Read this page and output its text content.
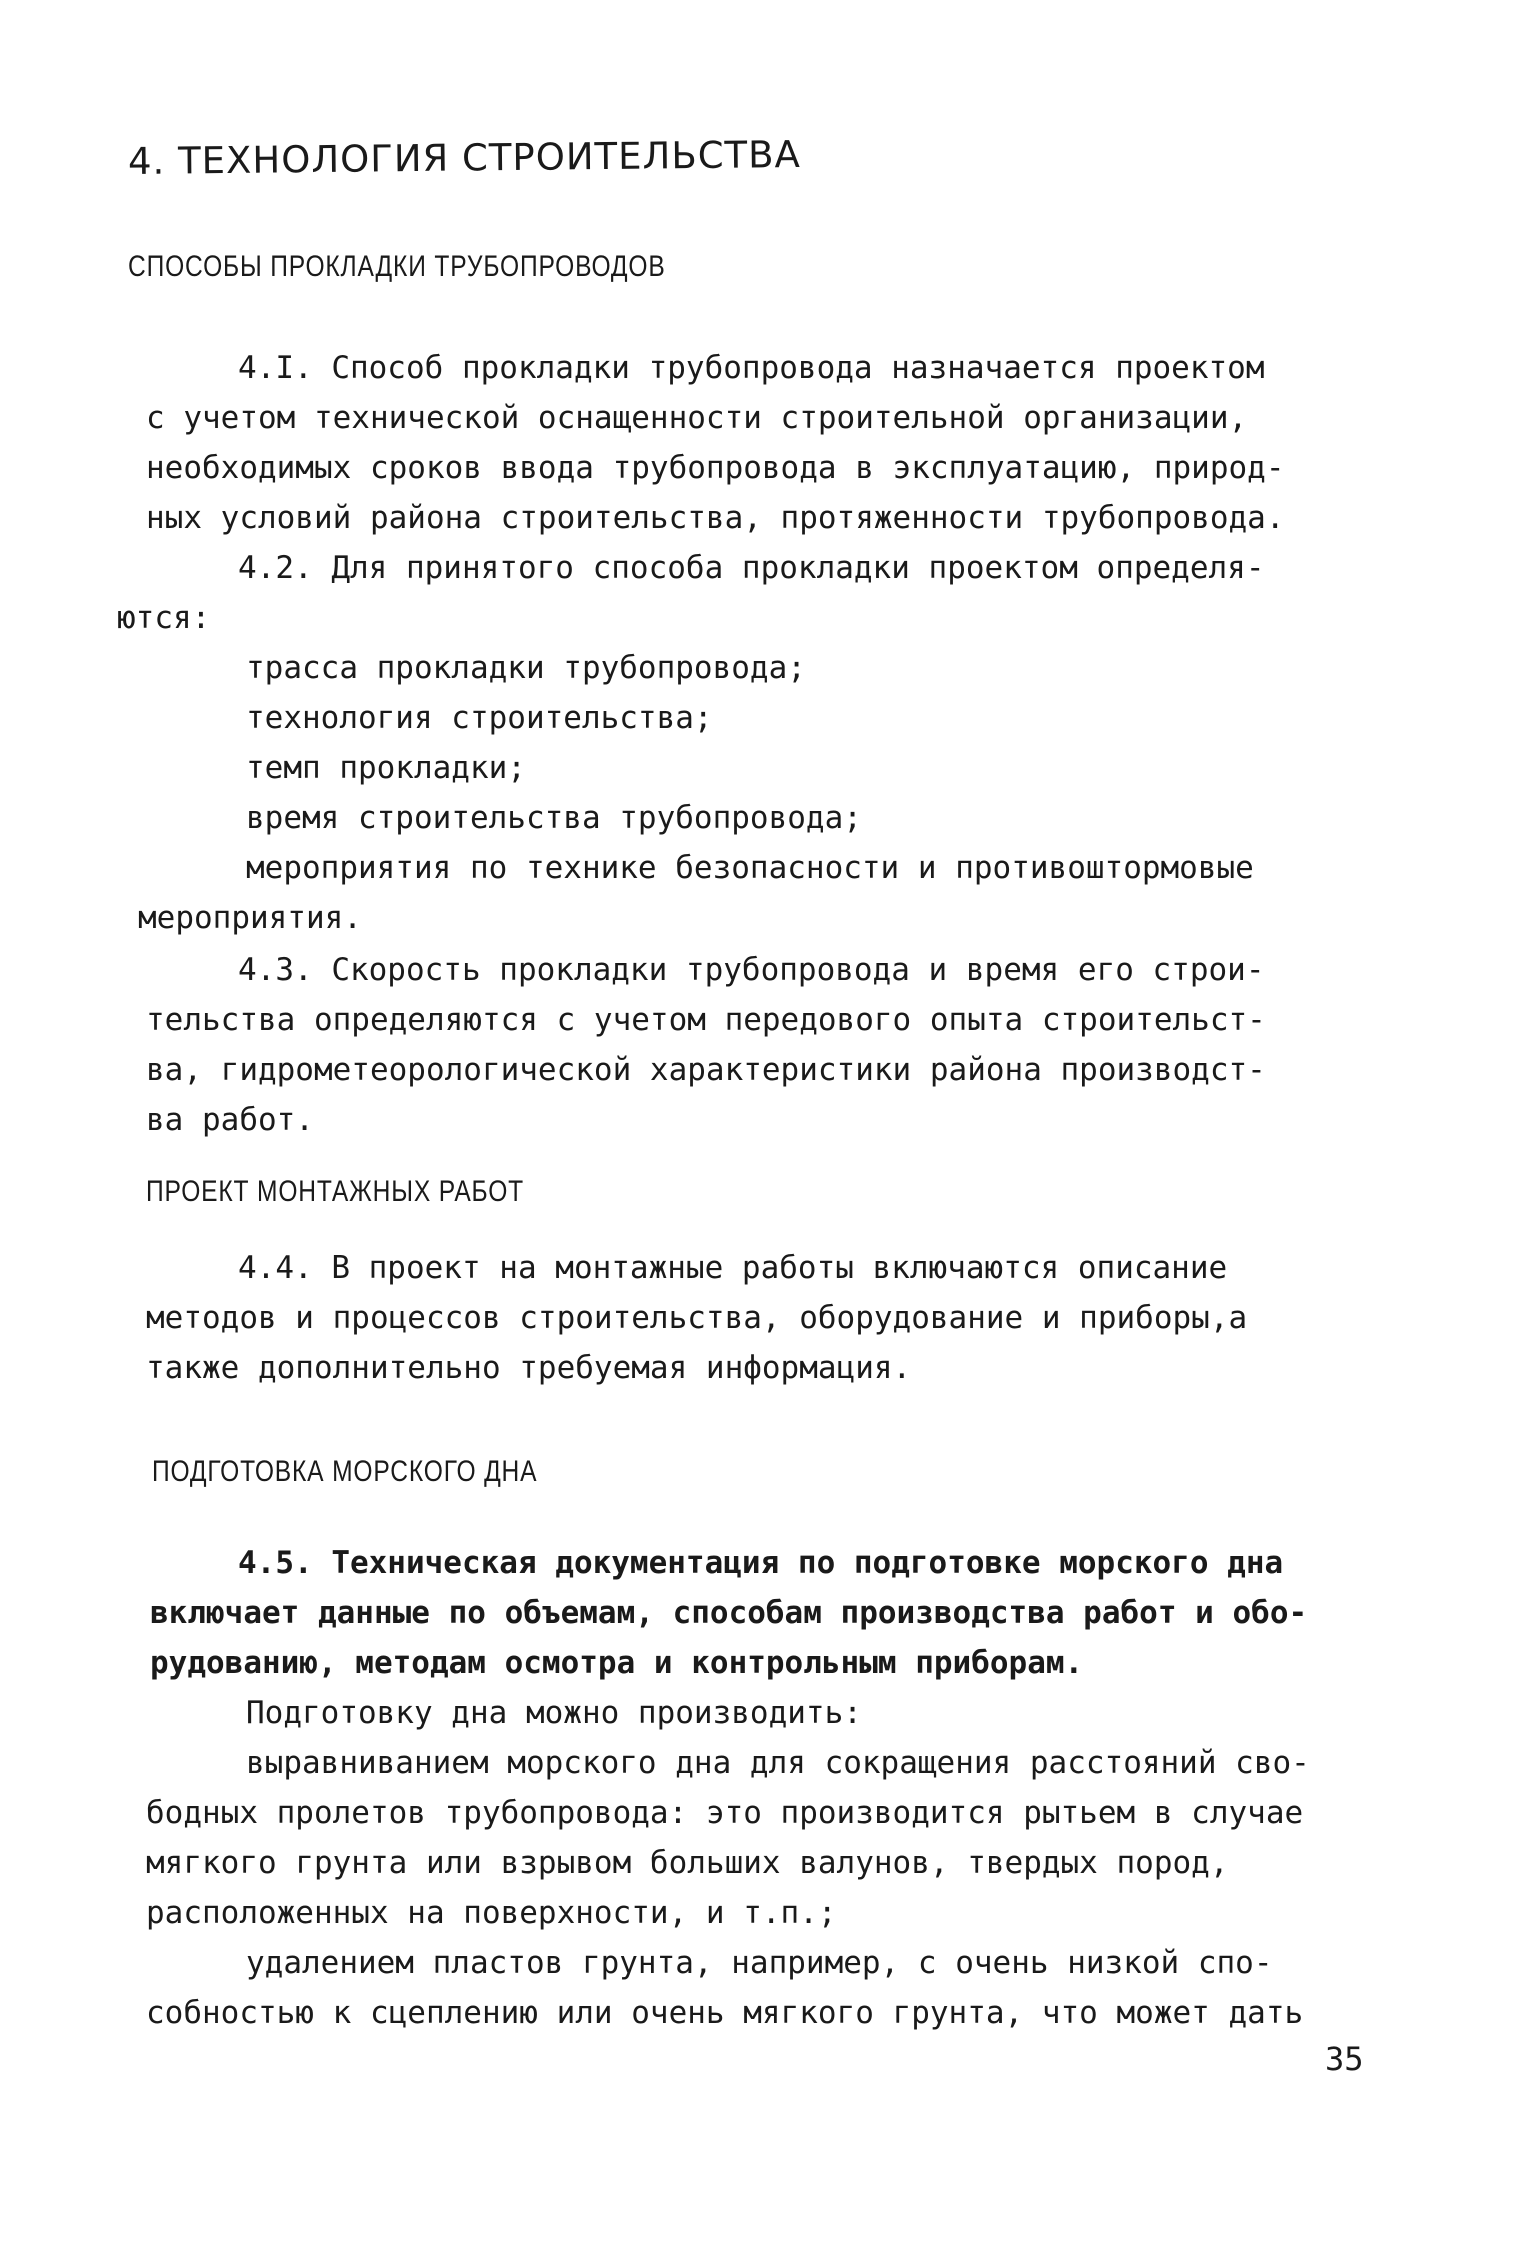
4. ТЕХНОЛОГИЯ СТРОИТЕЛЬСТВА
СПОСОБЫ ПРОКЛАДКИ ТРУБОПРОВОДОВ

4.I. Способ прокладки трубопровода назначается проектом

с учетом технической оснащенности строительной организации,

необходимых сроков ввода трубопровода в эксплуатацию, природ-

ных условий района строительства, протяженности трубопровода.

4.2. Для принятого способа прокладки проектом определя-

ются:

трасса прокладки трубопровода;

технология строительства;

темп прокладки;

время строительства трубопровода;

мероприятия по технике безопасности и противоштормовые

мероприятия.

4.3. Скорость прокладки трубопровода и время его строи-

тельства определяются с учетом передового опыта строительст-

ва, гидрометеорологической характеристики района производст-

ва работ.

ПРОЕКТ МОНТАЖНЫХ РАБОТ

4.4. В проект на монтажные работы включаются описание

методов и процессов строительства, оборудование и приборы,а

также дополнительно требуемая информация.

ПОДГОТОВКА МОРСКОГО ДНА

4.5. Техническая документация по подготовке морского дна

включает данные по объемам, способам производства работ и обо-

рудованию, методам осмотра и контрольным приборам.

Подготовку дна можно производить:

выравниванием морского дна для сокращения расстояний сво-

бодных пролетов трубопровода: это производится рытьем в случае

мягкого грунта или взрывом больших валунов, твердых пород,

расположенных на поверхности, и т.п.;

удалением пластов грунта, например, с очень низкой спо-

собностью к сцеплению или очень мягкого грунта, что может дать

35
